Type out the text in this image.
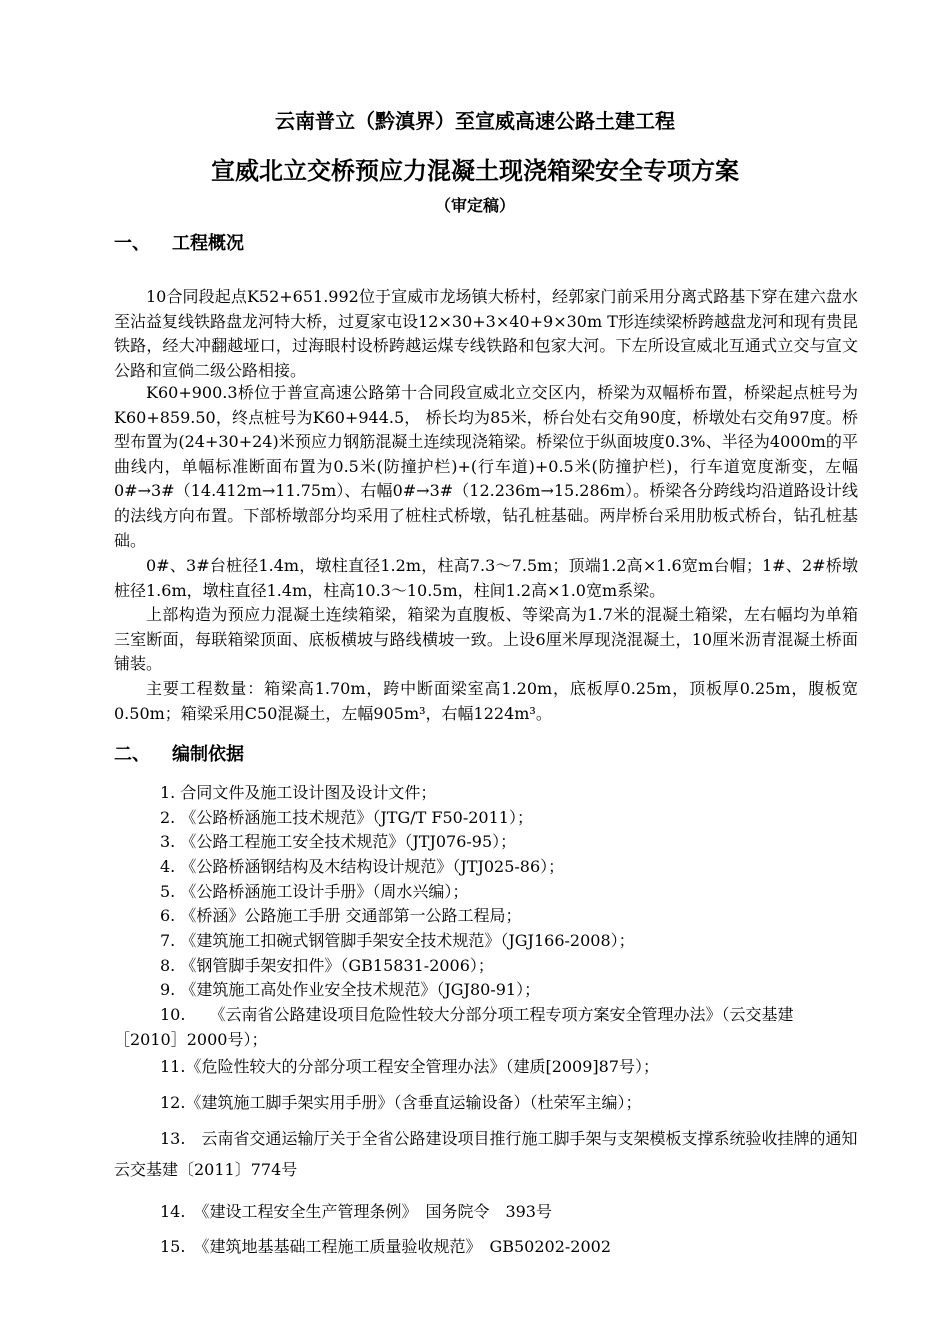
云南普立（黔滇界）至宣威高速公路土建工程
宣威北立交桥预应力混凝土现浇箱梁安全专项方案
（审定稿）
一、 工程概况

10合同段起点K52+651.992位于宣威市龙场镇大桥村，经郭家门前采用分离式路基下穿在建六盘水至沾益复线铁路盘龙河特大桥，过夏家屯设12×30+3×40+9×30m T形连续梁桥跨越盘龙河和现有贵昆铁路，经大冲翻越垭口，过海眼村设桥跨越运煤专线铁路和包家大河。下左所设宣威北互通式立交与宣文公路和宣倘二级公路相接。

K60+900.3桥位于普宣高速公路第十合同段宣威北立交区内，桥梁为双幅桥布置，桥梁起点桩号为K60+859.50，终点桩号为K60+944.5， 桥长均为85米，桥台处右交角90度，桥墩处右交角97度。桥型布置为(24+30+24)米预应力钢筋混凝土连续现浇箱梁。桥梁位于纵面坡度0.3%、半径为4000m的平曲线内，单幅标准断面布置为0.5米(防撞护栏)+(行车道)+0.5米(防撞护栏)，行车道宽度渐变，左幅0#→3#（14.412m→11.75m）、右幅0#→3#（12.236m→15.286m）。桥梁各分跨线均沿道路设计线的法线方向布置。下部桥墩部分均采用了桩柱式桥墩，钻孔桩基础。两岸桥台采用肋板式桥台，钻孔桩基础。

0#、3#台桩径1.4m，墩柱直径1.2m，柱高7.3～7.5m；顶端1.2高×1.6宽m台帽；1#、2#桥墩桩径1.6m，墩柱直径1.4m，柱高10.3～10.5m，柱间1.2高×1.0宽m系梁。

上部构造为预应力混凝土连续箱梁，箱梁为直腹板、等梁高为1.7米的混凝土箱梁，左右幅均为单箱三室断面，每联箱梁顶面、底板横坡与路线横坡一致。上设6厘米厚现浇混凝土，10厘米沥青混凝土桥面铺装。

主要工程数量：箱梁高1.70m，跨中断面梁室高1.20m，底板厚0.25m，顶板厚0.25m，腹板宽0.50m；箱梁采用C50混凝土，左幅905m³，右幅1224m³。

二、 编制依据
1. 合同文件及施工设计图及设计文件；
2. 《公路桥涵施工技术规范》（JTG/T F50-2011）；
3. 《公路工程施工安全技术规范》（JTJ076-95）；
4. 《公路桥涵钢结构及木结构设计规范》（JTJ025-86）；
5. 《公路桥涵施工设计手册》（周水兴编）；
6. 《桥涵》公路施工手册 交通部第一公路工程局；
7. 《建筑施工扣碗式钢管脚手架安全技术规范》（JGJ166-2008）；
8. 《钢管脚手架安扣件》（GB15831-2006）；
9. 《建筑施工高处作业安全技术规范》（JGJ80-91）；

10.　　《云南省公路建设项目危险性较大分部分项工程专项方案安全管理办法》（云交基建［2010］2000号）；

11.《危险性较大的分部分项工程安全管理办法》（建质[2009]87号）；
12.《建筑施工脚手架实用手册》（含垂直运输设备）（杜荣军主编）；

13.　云南省交通运输厅关于全省公路建设项目推行施工脚手架与支架模板支撑系统验收挂牌的通知　云交基建〔2011〕774号

14.　《建设工程安全生产管理条例》　国务院令　393号
15.　《建筑地基基础工程施工质量验收规范》　GB50202-2002
